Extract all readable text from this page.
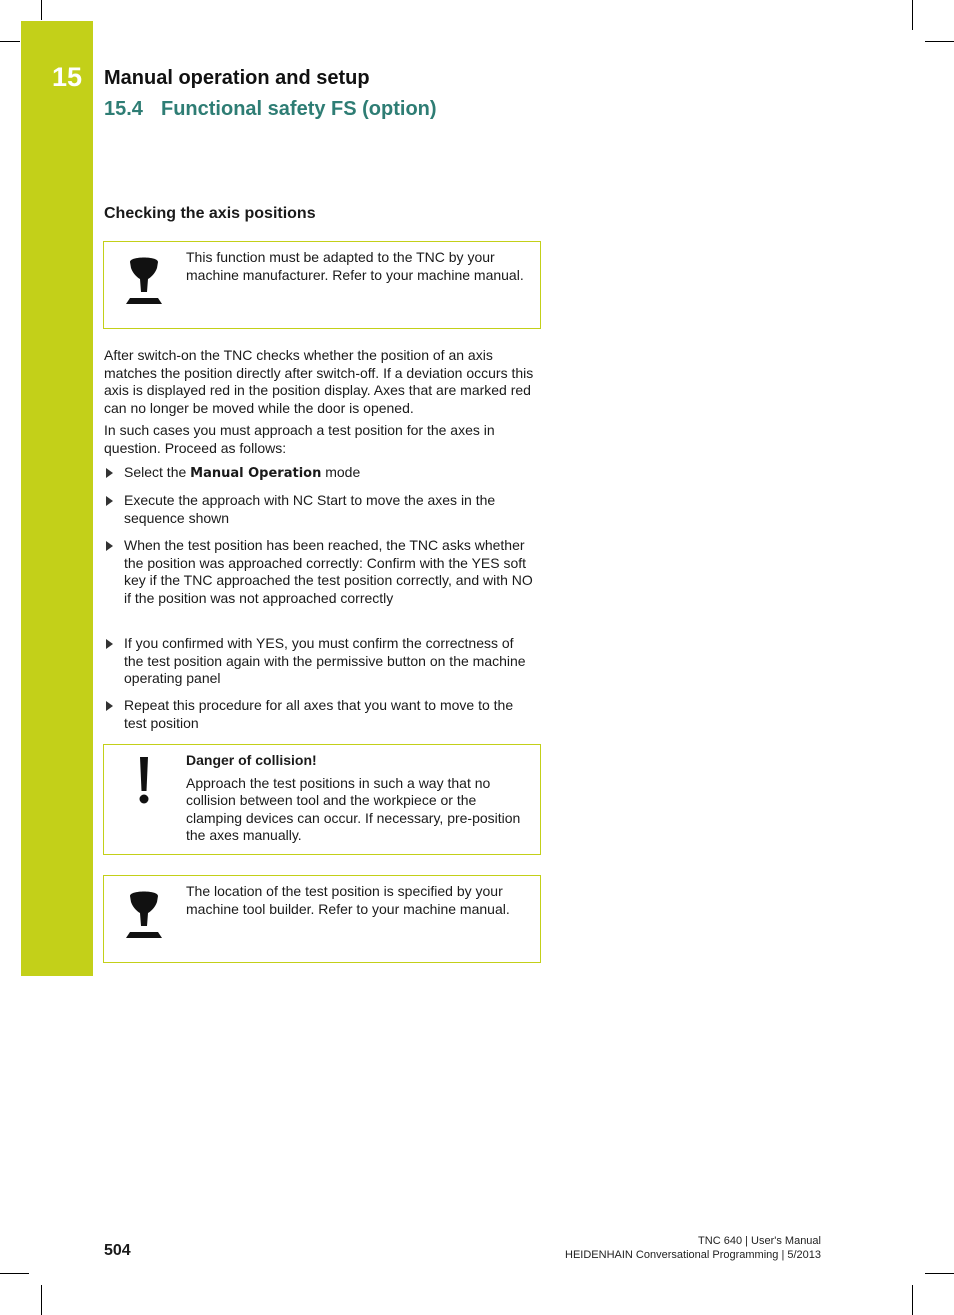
15 Manual operation and setup
15.4 Functional safety FS (option)
Checking the axis positions

This function must be adapted to the TNC by your machine manufacturer. Refer to your machine manual.

After switch-on the TNC checks whether the position of an axis matches the position directly after switch-off. If a deviation occurs this axis is displayed red in the position display. Axes that are marked red can no longer be moved while the door is opened.

In such cases you must approach a test position for the axes in question. Proceed as follows:

Select the Manual Operation mode
Execute the approach with NC Start to move the axes in the sequence shown
When the test position has been reached, the TNC asks whether the position was approached correctly: Confirm with the YES soft key if the TNC approached the test position correctly, and with NO if the position was not approached correctly
If you confirmed with YES, you must confirm the correctness of the test position again with the permissive button on the machine operating panel
Repeat this procedure for all axes that you want to move to the test position

Danger of collision!

Approach the test positions in such a way that no collision between tool and the workpiece or the clamping devices can occur. If necessary, pre-position the axes manually.

The location of the test position is specified by your machine tool builder. Refer to your machine manual.

504
TNC 640 | User's Manual
HEIDENHAIN Conversational Programming | 5/2013
